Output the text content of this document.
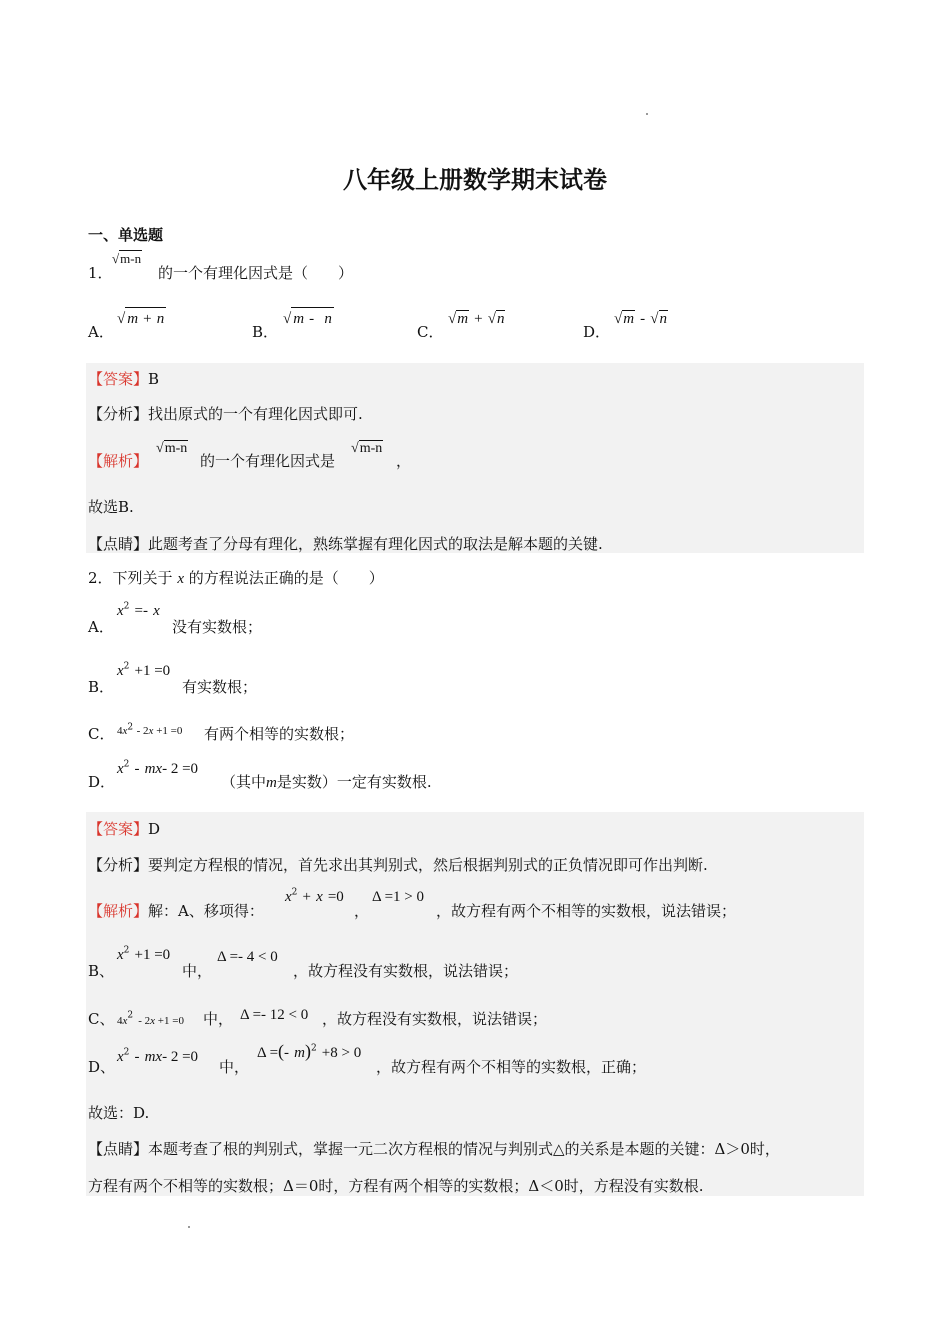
八年级上册数学期末试卷
一、单选题
1．
√m-n
的一个有理化因式是（　　）
A．
√ m + n
B．
√ m - n
C．
√m + √n
D．
√m - √n
【答案】B
【分析】找出原式的一个有理化因式即可.
【解析】
√m-n
的一个有理化因式是
√m-n
，
故选B.
【点睛】此题考查了分母有理化，熟练掌握有理化因式的取法是解本题的关键.
2．下列关于 x 的方程说法正确的是（　　）
A．
$x^2 =- x$
没有实数根；
B．
$x^2 +1 =0$
有实数根；
C． $4x^2 - 2x +1 =0$ 有两个相等的实数根；
D．
$x^2 - mx-$ 2 =0
（其中m是实数）一定有实数根.
【答案】D
【分析】要判定方程根的情况，首先求出其判别式，然后根据判别式的正负情况即可作出判断.
【解析】解：A、移项得：
$x^2 + x =0$
，
Δ =1 > 0
，故方程有两个不相等的实数根，说法错误；
B、
$x^2 +1 =0$
中，
Δ =- 4 < 0
，故方程没有实数根，说法错误；
C、 $4x^2 - 2x +1 =0$ 中， Δ =- 12 < 0 ，故方程没有实数根，说法错误；
D、
$x^2 - mx-$ 2 =0
中，
Δ =(- m)$^2$ +8 > 0
，故方程有两个不相等的实数根，正确；
故选：D.
【点睛】本题考查了根的判别式，掌握一元二次方程根的情况与判别式△的关系是本题的关键：Δ＞0时，
方程有两个不相等的实数根；Δ＝0时，方程有两个相等的实数根；Δ＜0时，方程没有实数根.
